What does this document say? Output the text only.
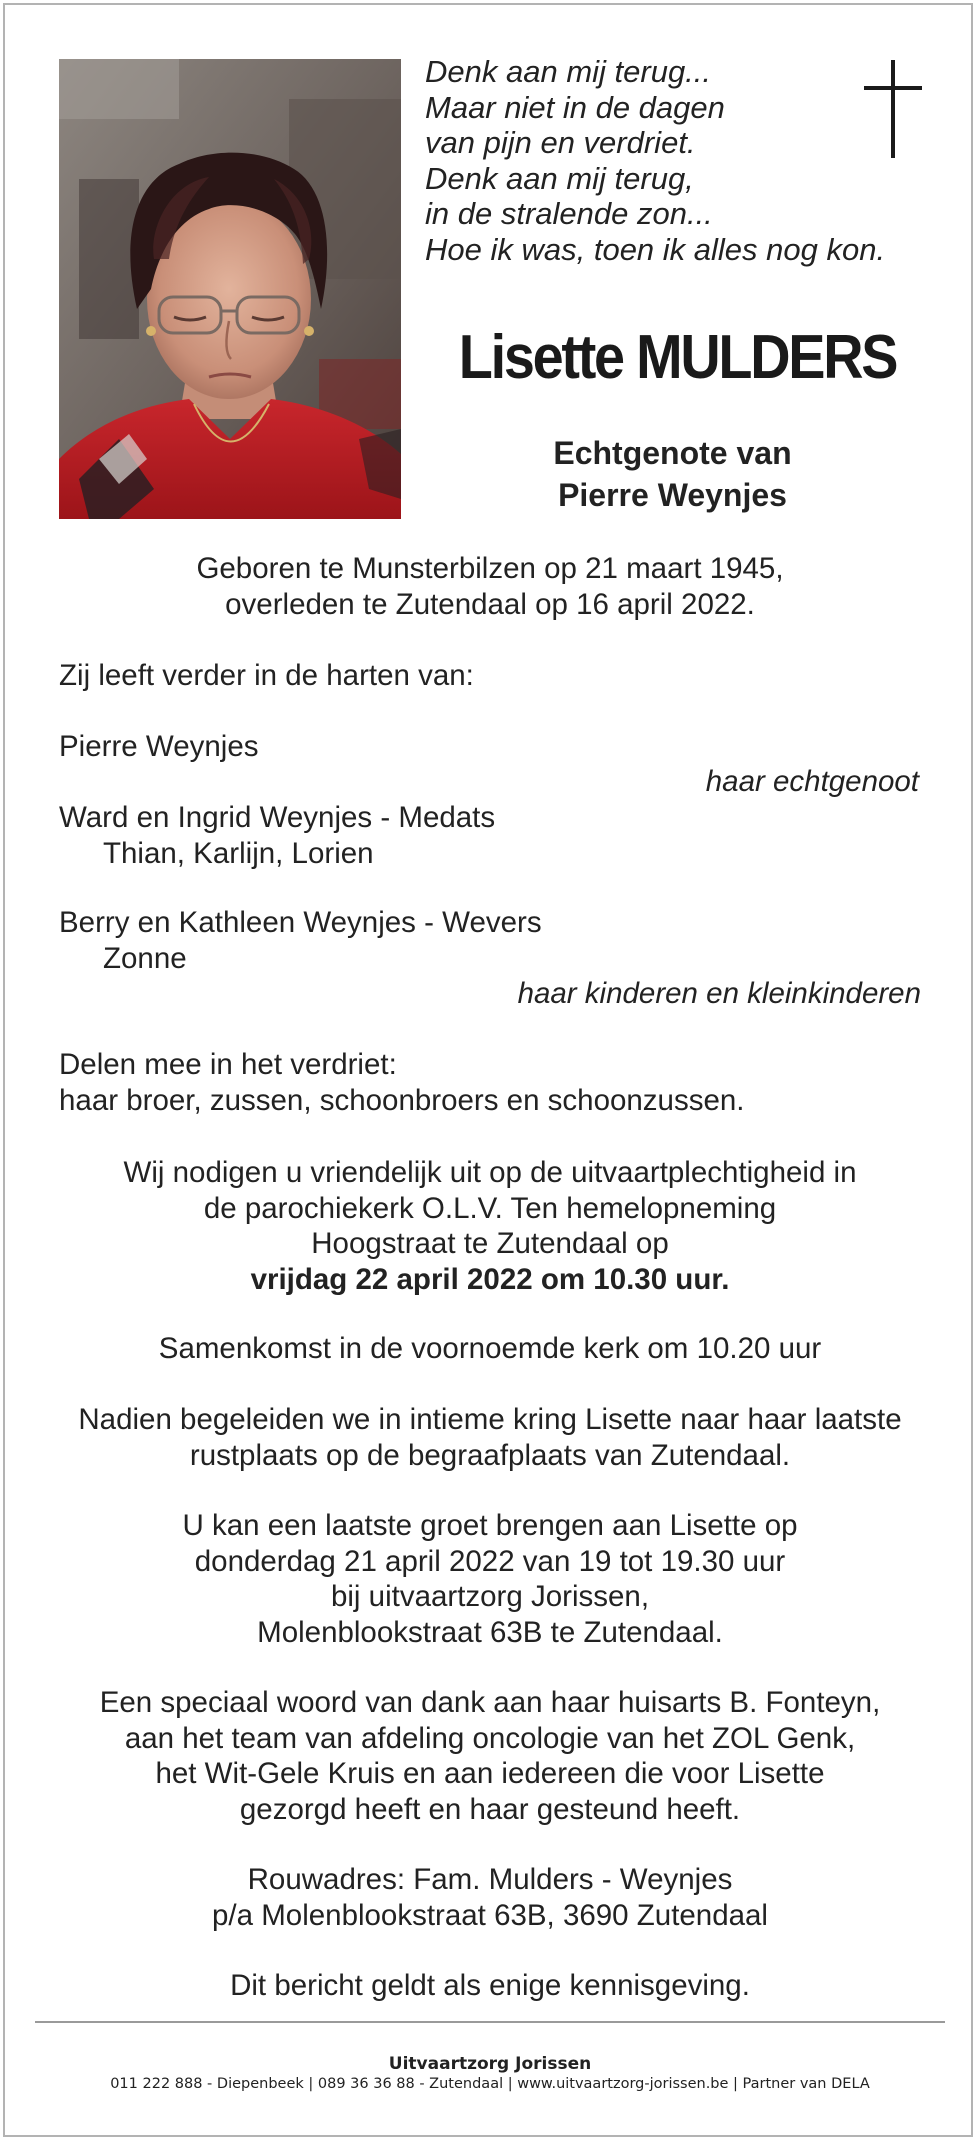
Denk aan mij terug...
Maar niet in de dagen
van pijn en verdriet.
Denk aan mij terug,
in de stralende zon...
Hoe ik was, toen ik alles nog kon.
Lisette MULDERS
Echtgenote van
Pierre Weynjes
Geboren te Munsterbilzen op 21 maart 1945,
overleden te Zutendaal op 16 april 2022.
Zij leeft verder in de harten van:
Pierre Weynjes
haar echtgenoot
Ward en Ingrid Weynjes - Medats
Thian, Karlijn, Lorien
Berry en Kathleen Weynjes - Wevers
Zonne
haar kinderen en kleinkinderen
Delen mee in het verdriet:
haar broer, zussen, schoonbroers en schoonzussen.
Wij nodigen u vriendelijk uit op de uitvaartplechtigheid in
de parochiekerk O.L.V. Ten hemelopneming
Hoogstraat te Zutendaal op
vrijdag 22 april 2022 om 10.30 uur.
Samenkomst in de voornoemde kerk om 10.20 uur
Nadien begeleiden we in intieme kring Lisette naar haar laatste
rustplaats op de begraafplaats van Zutendaal.
U kan een laatste groet brengen aan Lisette op
donderdag 21 april 2022 van 19 tot 19.30 uur
bij uitvaartzorg Jorissen,
Molenblookstraat 63B te Zutendaal.
Een speciaal woord van dank aan haar huisarts B. Fonteyn,
aan het team van afdeling oncologie van het ZOL Genk,
het Wit-Gele Kruis en aan iedereen die voor Lisette
gezorgd heeft en haar gesteund heeft.
Rouwadres: Fam. Mulders - Weynjes
p/a Molenblookstraat 63B, 3690 Zutendaal
Dit bericht geldt als enige kennisgeving.
Uitvaartzorg Jorissen
011 222 888 - Diepenbeek | 089 36 36 88 - Zutendaal | www.uitvaartzorg-jorissen.be | Partner van DELA
